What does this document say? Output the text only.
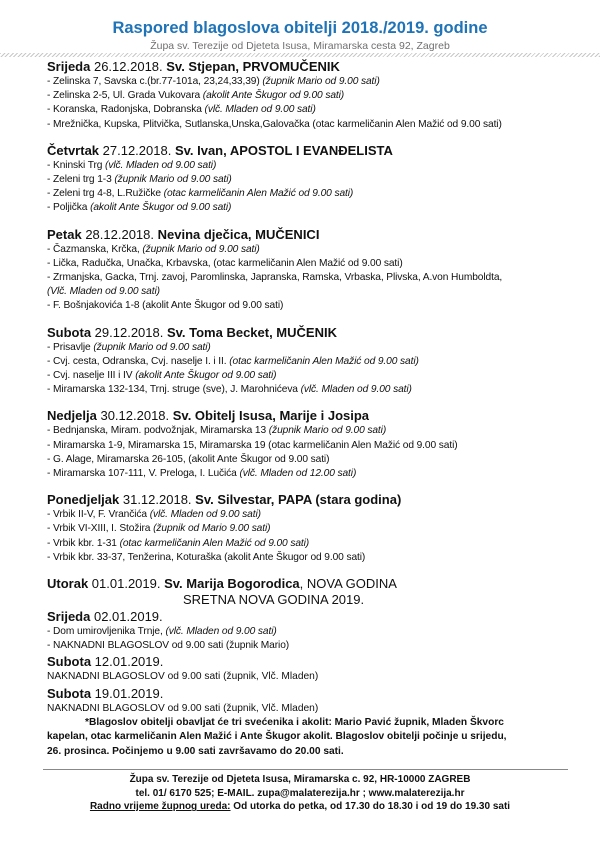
Raspored blagoslova obitelji 2018./2019. godine
Župa sv. Terezije od Djeteta Isusa, Miramarska cesta 92, Zagreb
Srijeda 26.12.2018. Sv. Stjepan, PRVOMUČENIK
- Zelinska 7, Savska c.(br.77-101a, 23,24,33,39) (župnik Mario od 9.00 sati)
- Zelinska 2-5, Ul. Grada Vukovara (akolit Ante Škugor od 9.00 sati)
- Koranska, Radonjska, Dobranska (vlč. Mladen od 9.00 sati)
- Mrežnička, Kupska, Plitvička, Sutlanska,Unska,Galovačka (otac karmeličanin Alen Mažić od 9.00 sati)
Četvrtak 27.12.2018. Sv. Ivan, APOSTOL I EVANĐELISTA
- Kninski Trg (vlč. Mladen od 9.00 sati)
- Zeleni trg 1-3 (župnik Mario od 9.00 sati)
- Zeleni trg 4-8, L.Ružičke (otac karmeličanin Alen Mažić od 9.00 sati)
- Poljička (akolit Ante Škugor od 9.00 sati)
Petak 28.12.2018. Nevina dječica, MUČENICI
- Čazmanska, Krčka, (župnik Mario od 9.00 sati)
- Lička, Radučka, Unačka, Krbavska, (otac karmeličanin Alen Mažić od 9.00 sati)
- Zrmanjska, Gacka, Trnj. zavoj, Paromlinska, Japranska, Ramska, Vrbaska, Plivska, A.von Humboldta,
(Vlč. Mladen od 9.00 sati)
- F. Bošnjakovića 1-8 (akolit Ante Škugor od 9.00 sati)
Subota 29.12.2018. Sv. Toma Becket, MUČENIK
- Prisavlje (župnik Mario od 9.00 sati)
- Cvj. cesta, Odranska, Cvj. naselje I. i II. (otac karmeličanin Alen Mažić od 9.00 sati)
- Cvj. naselje III i IV (akolit Ante Škugor od 9.00 sati)
- Miramarska 132-134, Trnj. struge (sve), J. Marohnićeva (vlč. Mladen od 9.00 sati)
Nedjelja 30.12.2018. Sv. Obitelj Isusa, Marije i Josipa
- Bednjanska, Miram. podvožnjak, Miramarska 13 (župnik Mario od 9.00 sati)
- Miramarska 1-9, Miramarska 15, Miramarska 19 (otac karmeličanin Alen Mažić od 9.00 sati)
- G. Alage, Miramarska 26-105, (akolit Ante Škugor od 9.00 sati)
- Miramarska 107-111, V. Preloga, I. Lučića (vlč. Mladen od 12.00 sati)
Ponedjeljak 31.12.2018. Sv. Silvestar, PAPA (stara godina)
- Vrbik II-V, F. Vrančića (vlč. Mladen od 9.00 sati)
- Vrbik VI-XIII, I. Stožira (župnik od Mario 9.00 sati)
- Vrbik kbr. 1-31 (otac karmeličanin Alen Mažić od 9.00 sati)
- Vrbik kbr. 33-37, Tenžerina, Koturaška (akolit Ante Škugor od 9.00 sati)
Utorak 01.01.2019. Sv. Marija Bogorodica, NOVA GODINA
SRETNA NOVA GODINA 2019.
Srijeda 02.01.2019.
- Dom umirovljenika Trnje, (vlč. Mladen od 9.00 sati)
- NAKNADNI BLAGOSLOV od 9.00 sati (župnik Mario)
Subota 12.01.2019.
NAKNADNI BLAGOSLOV od 9.00 sati (župnik, Vlč. Mladen)
Subota 19.01.2019.
NAKNADNI BLAGOSLOV od 9.00 sati (župnik, Vlč. Mladen)
*Blagoslov obitelji obavljat će tri svećenika i akolit: Mario Pavić župnik, Mladen Škvorc
kapelan, otac karmeličanin Alen Mažić i Ante Škugor akolit. Blagoslov obitelji počinje u srijedu,
26. prosinca. Počinjemo u 9.00 sati završavamo do 20.00 sati.
Župa sv. Terezije od Djeteta Isusa, Miramarska c. 92, HR-10000 ZAGREB
tel. 01/ 6170 525; E-MAIL. zupa@malaterezija.hr ; www.malaterezija.hr
Radno vrijeme župnog ureda: Od utorka do petka, od 17.30 do 18.30 i od 19 do 19.30 sati
